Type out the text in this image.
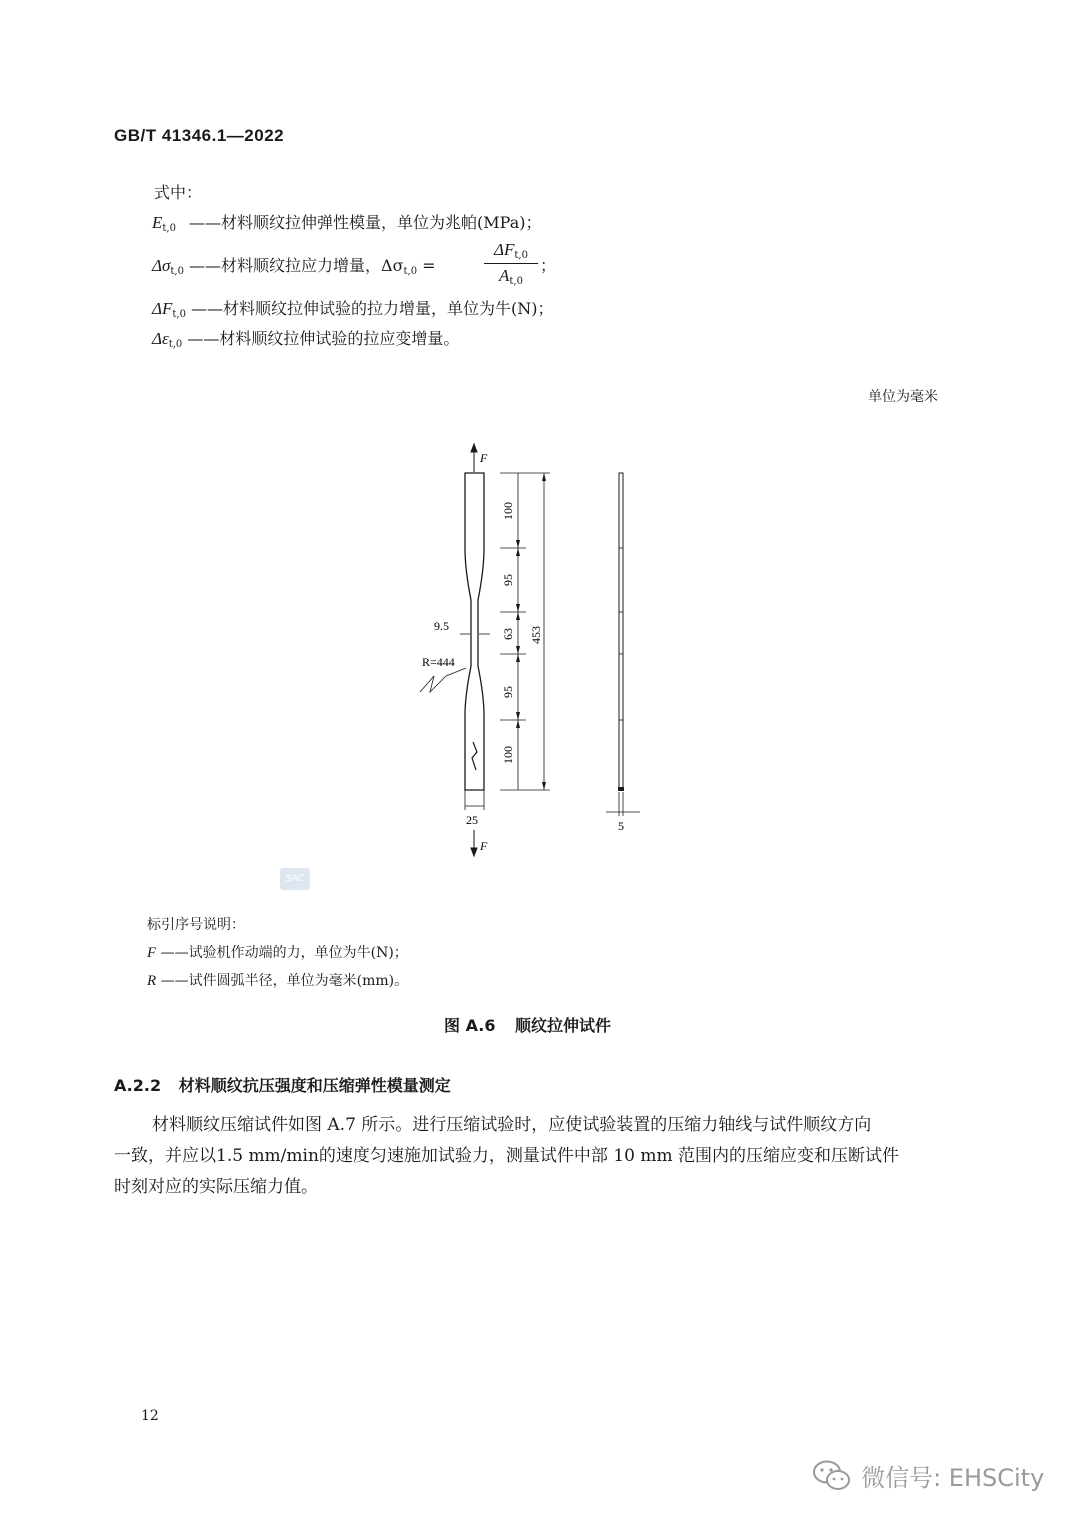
GB/T 41346.1—2022
式中：
$E_{t,0}$ ——材料顺纹拉伸弹性模量，单位为兆帕(MPa)；
$\Delta\sigma_{t,0}$ ——材料顺纹拉应力增量，$\Delta\sigma_{t,0}$ =
$\Delta F_{t,0}$
$A_{t,0}$
；
$\Delta F_{t,0}$ ——材料顺纹拉伸试验的拉力增量，单位为牛(N)；
$\Delta\varepsilon_{t,0}$ ——材料顺纹拉伸试验的拉应变增量。
单位为毫米
F
9.5
R=444
100
95
63
95
100
453
25
F
5
SAC
标引序号说明：
F ——试验机作动端的力，单位为牛(N)；
R ——试件圆弧半径，单位为毫米(mm)。
图 A.6 顺纹拉伸试件
A.2.2 材料顺纹抗压强度和压缩弹性模量测定
材料顺纹压缩试件如图 A.7 所示。进行压缩试验时，应使试验装置的压缩力轴线与试件顺纹方向
一致，并应以1.5 mm/min的速度匀速施加试验力，测量试件中部 10 mm 范围内的压缩应变和压断试件
时刻对应的实际压缩力值。
12
微信号: EHSCity
